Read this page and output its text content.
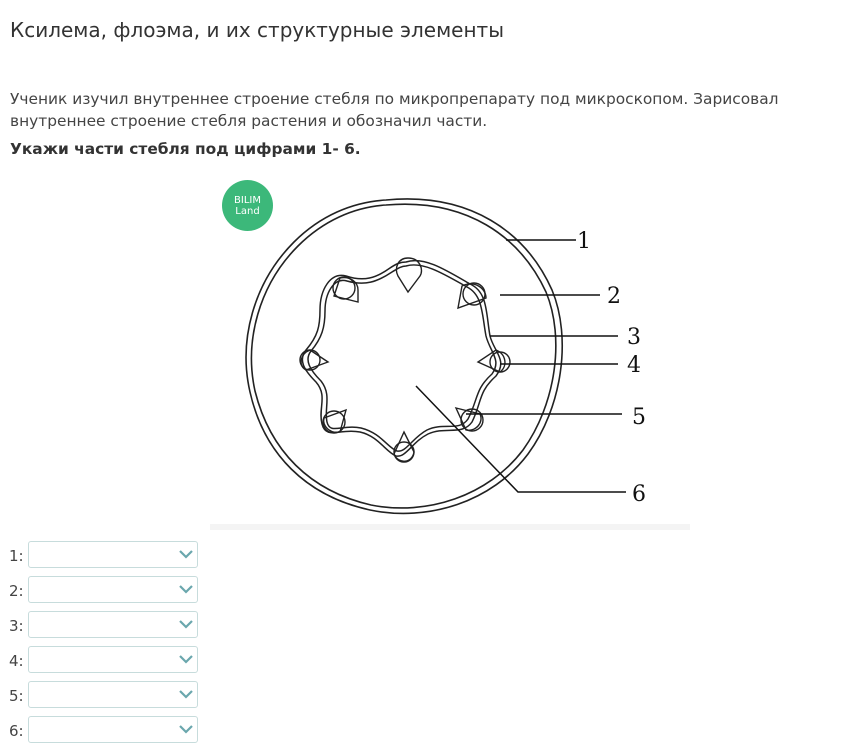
Ксилема, флоэма, и их структурные элементы

Ученик изучил внутреннее строение стебля по микропрепарату под микроскопом. Зарисовал внутреннее строение стебля растения и обозначил части.

Укажи части стебля под цифрами 1- 6.

1
2
3
4
5
6
BILIM
Land
1:
2:
3:
4:
5:
6:
